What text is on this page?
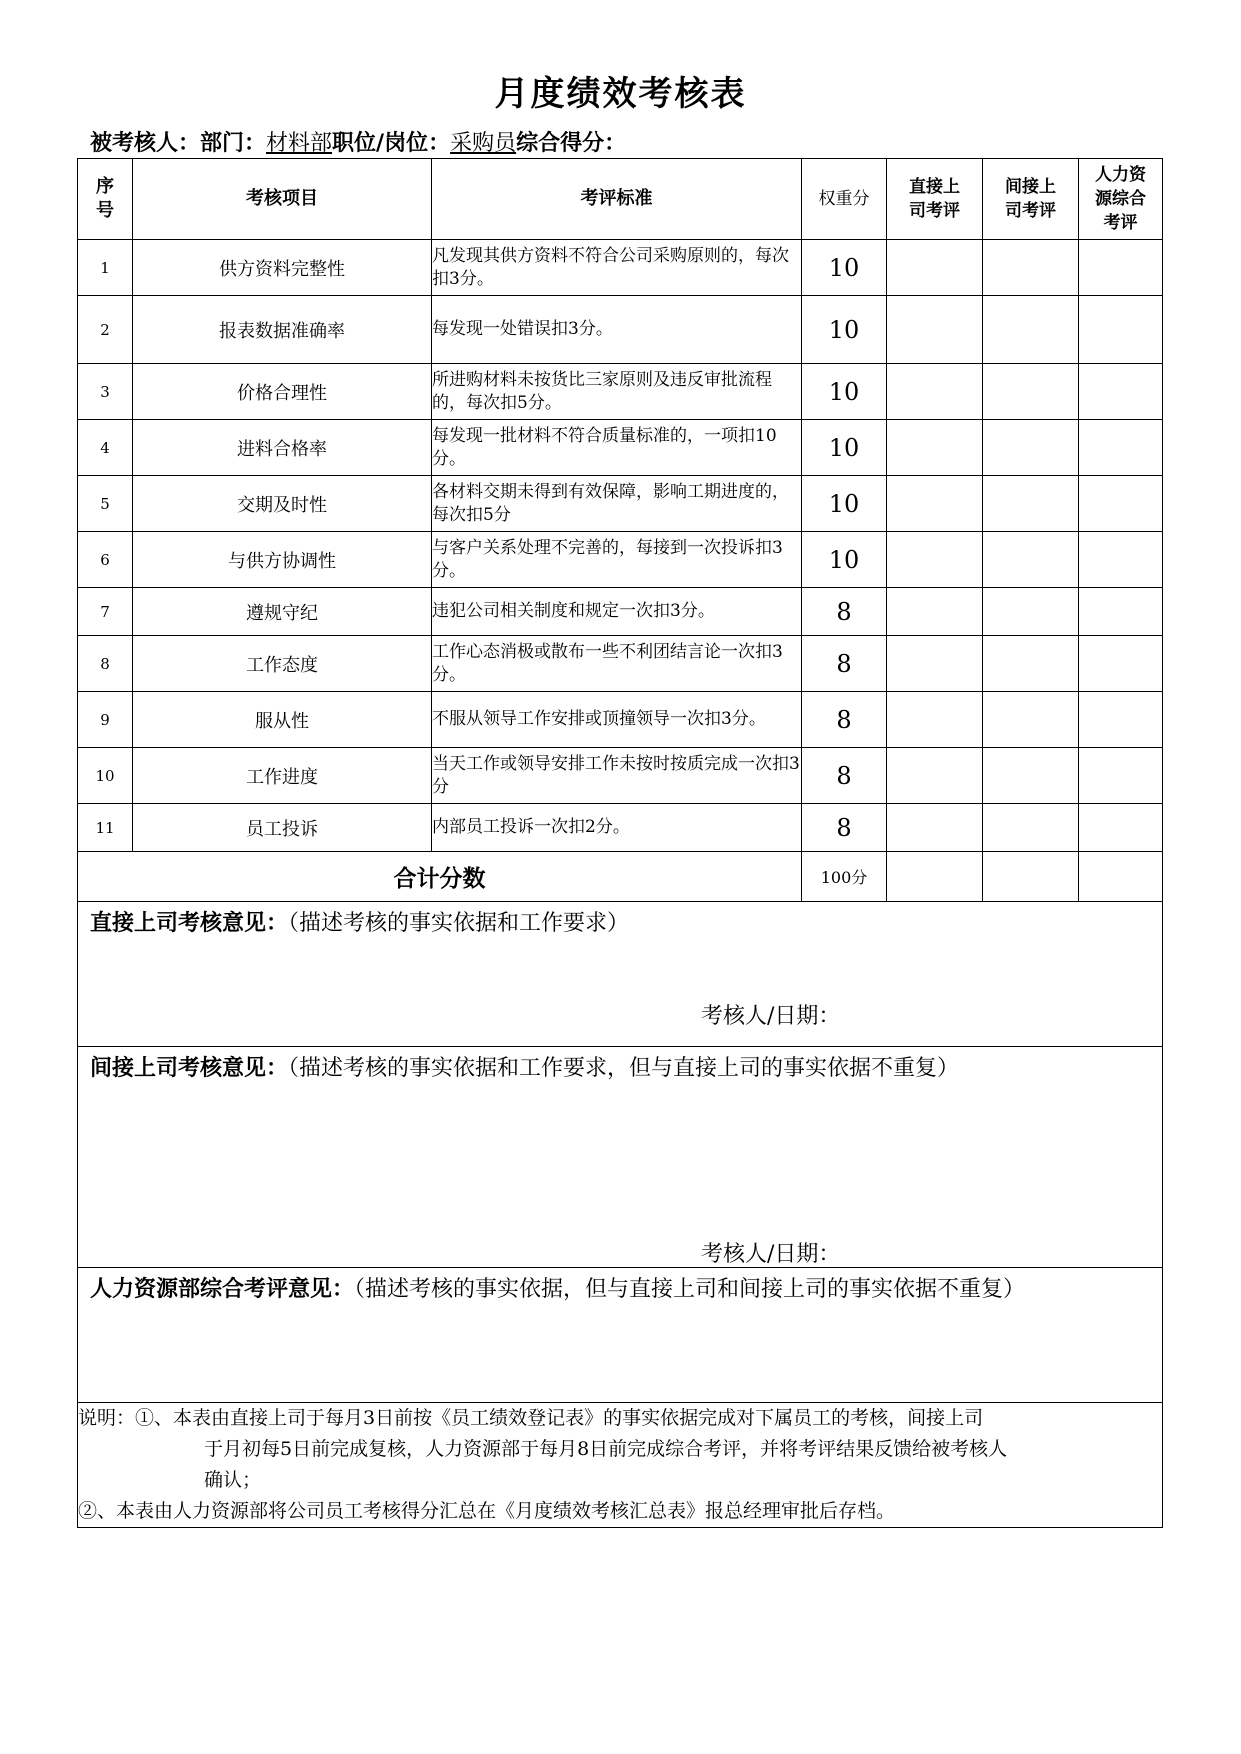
月度绩效考核表
被考核人：部门：材料部职位/岗位：采购员综合得分：
序号	考核项目	考评标准	权重分	直接上司考评	间接上司考评	人力资源综合考评
1	供方资料完整性	凡发现其供方资料不符合公司采购原则的，每次扣3分。	10			
2	报表数据准确率	每发现一处错误扣3分。	10			
3	价格合理性	所进购材料未按货比三家原则及违反审批流程的，每次扣5分。	10			
4	进料合格率	每发现一批材料不符合质量标准的，一项扣10分。	10			
5	交期及时性	各材料交期未得到有效保障，影响工期进度的，每次扣5分	10			
6	与供方协调性	与客户关系处理不完善的，每接到一次投诉扣3分。	10			
7	遵规守纪	违犯公司相关制度和规定一次扣3分。	8			
8	工作态度	工作心态消极或散布一些不利团结言论一次扣3分。	8			
9	服从性	不服从领导工作安排或顶撞领导一次扣3分。	8			
10	工作进度	当天工作或领导安排工作未按时按质完成一次扣3分	8			
11	员工投诉	内部员工投诉一次扣2分。	8			
合计分数			100分			

直接上司考核意见：（描述考核的事实依据和工作要求）
考核人/日期：						

间接上司考核意见：（描述考核的事实依据和工作要求，但与直接上司的事实依据不重复）
考核人/日期：						

人力资源部综合考评意见：（描述考核的事实依据，但与直接上司和间接上司的事实依据不重复）						

说明：①、本表由直接上司于每月3日前按《员工绩效登记表》的事实依据完成对下属员工的考核，间接上司
于月初每5日前完成复核，人力资源部于每月8日前完成综合考评，并将考评结果反馈给被考核人
确认；
②、本表由人力资源部将公司员工考核得分汇总在《月度绩效考核汇总表》报总经理审批后存档。						
